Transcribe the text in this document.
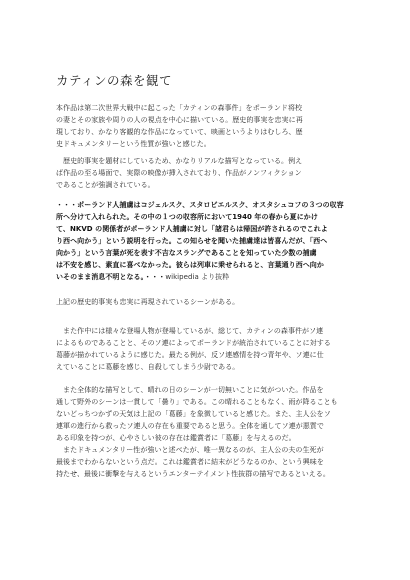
カティンの森を観て

本作品は第二次世界大戦中に起こった「カティンの森事件」をポーランド将校
の妻とその家族や周りの人の視点を中心に描いている。歴史的事実を忠実に再
現しており、かなり客観的な作品になっていて、映画というよりはむしろ、歴
史ドキュメンタリーという性質が強いと感じた。

　歴史的事実を題材にしているため、かなりリアルな描写となっている。例え
ば作品の至る場面で、実際の映像が挿入されており、作品がノンフィクション
であることが強調されている。

・・・ポーランド人捕虜はコジェルスク、スタロビエルスク、オスタシュコフの３つの収容
所へ分けて入れられた。その中の１つの収容所において1940 年の春から夏にかけ
て、NKVD の関係者がポーランド人捕虜に対し「諸君らは帰国が許されるのでこれよ
り西へ向かう」という説明を行った。この知らせを聞いた捕虜達は皆喜んだが、「西へ
向かう」という言葉が死を表す不吉なスラングであることを知っていた少数の捕虜
は不安を感じ、素直に喜べなかった。彼らは列車に乗せられると、言葉通り西へ向か
いそのまま消息不明となる。・・・wikipedia より抜粋

上記の歴史的事実も忠実に再現されているシーンがある。

　また作中には様々な登場人物が登場しているが、総じて、カティンの森事件がソ連
によるものであることと、そのソ連によってポーランドが統治されていることに対する
葛藤が描かれているように感じた。最たる例が、反ソ連感情を持つ青年や、ソ連に仕
えていることに葛藤を感じ、自殺してしまう少尉である。

　また全体的な描写として、晴れの日のシーンが一切無いことに気がついた。作品を
通して野外のシーンは一貫して「曇り」である。この晴れることもなく、雨が降ることも
ないどっちつかずの天気は上記の「葛藤」を象徴していると感じた。また、主人公をソ
連軍の進行から救ったソ連人の存在も重要であると思う。全体を通してソ連が悪質で
ある印象を持つが、心やさしい彼の存在は鑑賞者に「葛藤」を与えるのだ。

　またドキュメンタリー性が強いと述べたが、唯一異なるのが、主人公の夫の生死が
最後までわからないという点だ。これは鑑賞者に結末がどうなるのか、という興味を
持たせ、最後に衝撃を与えるというエンターテイメント性抜群の描写であるといえる。
